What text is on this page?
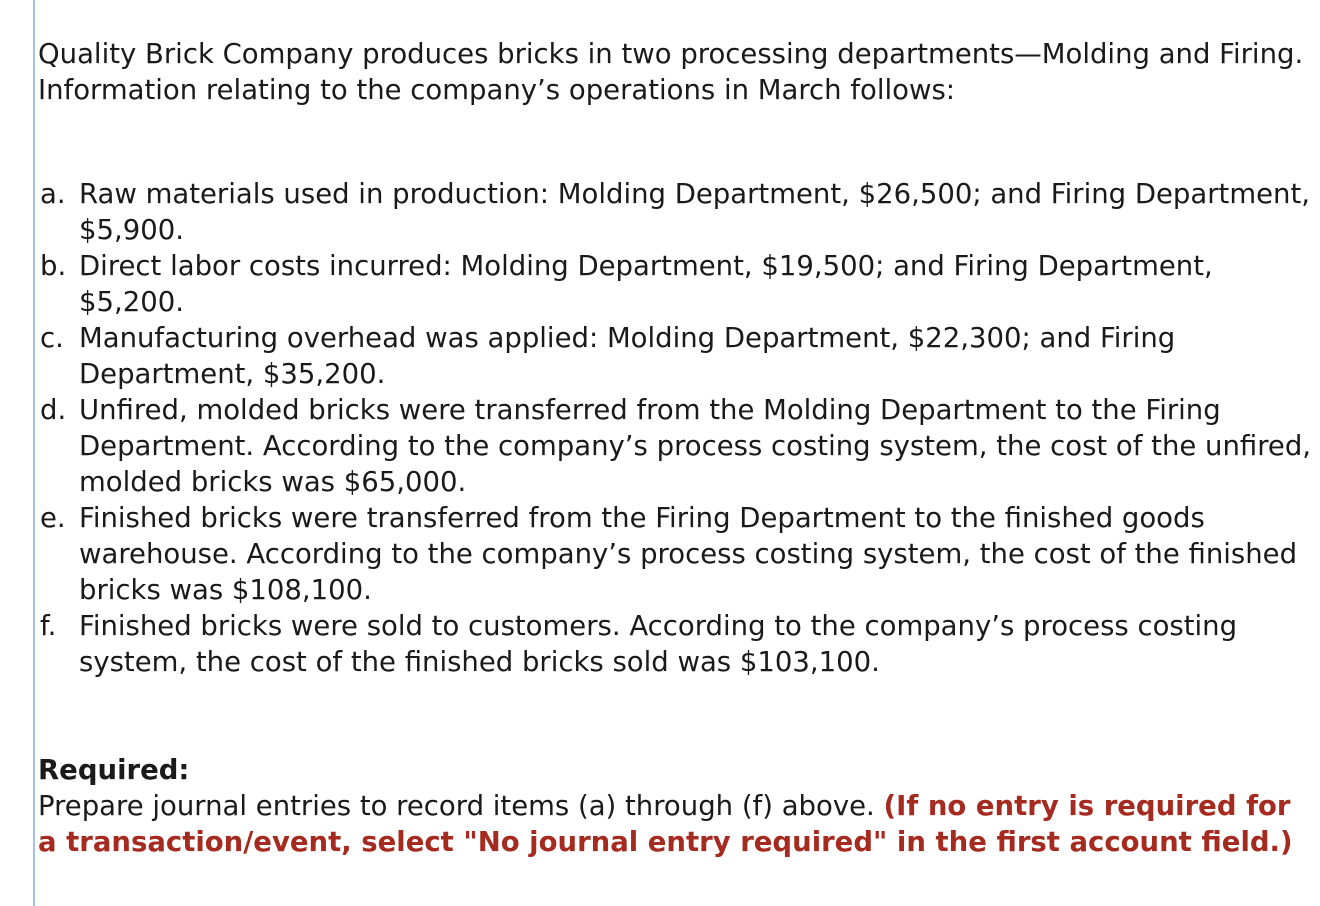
Quality Brick Company produces bricks in two processing departments—Molding and Firing. Information relating to the company’s operations in March follows:

a. Raw materials used in production: Molding Department, $26,500; and Firing Department, $5,900.
b. Direct labor costs incurred: Molding Department, $19,500; and Firing Department, $5,200.
c. Manufacturing overhead was applied: Molding Department, $22,300; and Firing Department, $35,200.
d. Unfired, molded bricks were transferred from the Molding Department to the Firing Department. According to the company’s process costing system, the cost of the unfired, molded bricks was $65,000.
e. Finished bricks were transferred from the Firing Department to the finished goods warehouse. According to the company’s process costing system, the cost of the finished bricks was $108,100.
f. Finished bricks were sold to customers. According to the company’s process costing system, the cost of the finished bricks sold was $103,100.

Required:

Prepare journal entries to record items (a) through (f) above. (If no entry is required for a transaction/event, select "No journal entry required" in the first account field.)
